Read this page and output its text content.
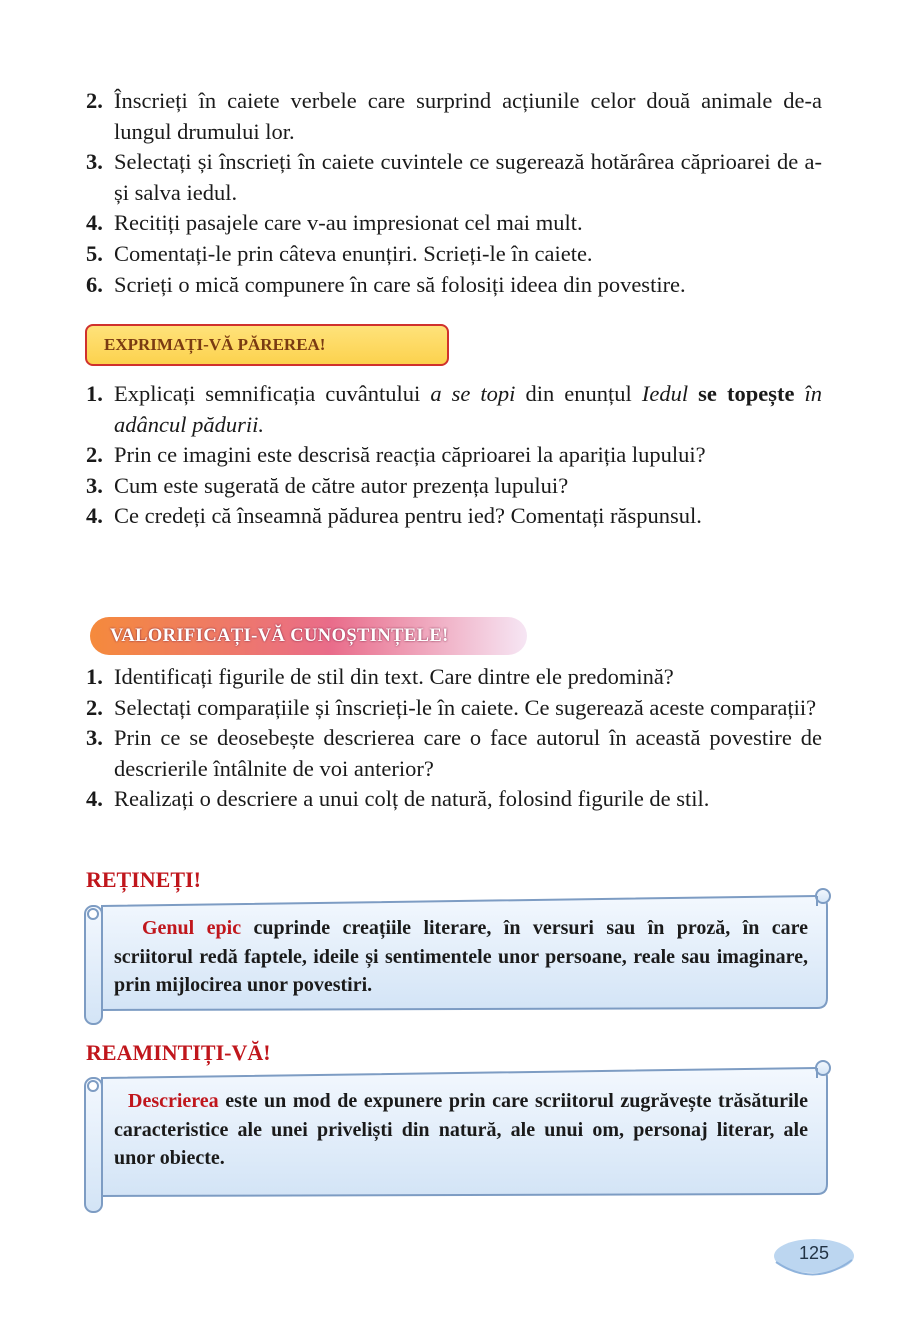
2. Înscrieți în caiete verbele care surprind acțiunile celor două animale de-a lungul drumului lor.
3. Selectați și înscrieți în caiete cuvintele ce sugerează hotărârea căprioarei de a-și salva iedul.
4. Recitiți pasajele care v-au impresionat cel mai mult.
5. Comentați-le prin câteva enunțiri. Scrieți-le în caiete.
6. Scrieți o mică compunere în care să folosiți ideea din povestire.
EXPRIMAȚI-VĂ PĂREREA!
1. Explicați semnificația cuvântului a se topi din enunțul Iedul se topește în adâncul pădurii.
2. Prin ce imagini este descrisă reacția căprioarei la apariția lupului?
3. Cum este sugerată de către autor prezența lupului?
4. Ce credeți că înseamnă pădurea pentru ied? Comentați răspunsul.
VALORIFICAȚI-VĂ CUNOȘTINȚELE!
1. Identificați figurile de stil din text. Care dintre ele predomină?
2. Selectați comparațiile și înscrieți-le în caiete. Ce sugerează aceste comparații?
3. Prin ce se deosebește descrierea care o face autorul în această povestire de descrierile întâlnite de voi anterior?
4. Realizați o descriere a unui colț de natură, folosind figurile de stil.
REȚINEȚI!
Genul epic cuprinde creațiile literare, în versuri sau în proză, în care scriitorul redă faptele, ideile și sentimentele unor persoane, reale sau imaginare, prin mijlocirea unor povestiri.
REAMINTIȚI-VĂ!
Descrierea este un mod de expunere prin care scriitorul zugrăvește trăsăturile caracteristice ale unei priveliști din natură, ale unui om, personaj literar, ale unor obiecte.
125
